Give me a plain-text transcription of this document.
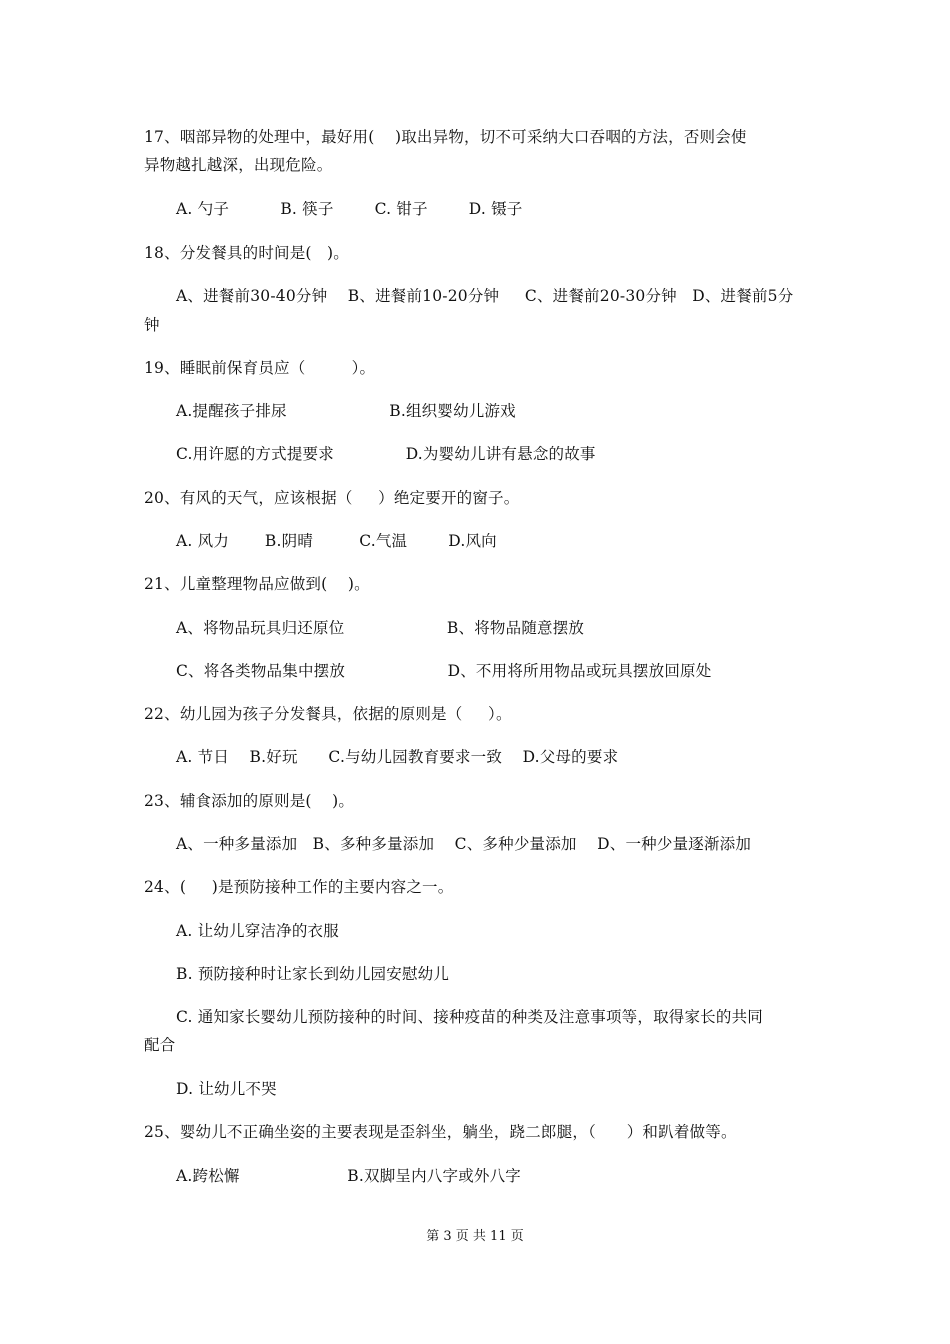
17、咽部异物的处理中，最好用(    )取出异物，切不可采纳大口吞咽的方法，否则会使
异物越扎越深，出现危险。
A. 勺子          B. 筷子        C. 钳子        D. 镊子
18、分发餐具的时间是(   )。
A、进餐前30-40分钟    B、进餐前10-20分钟     C、进餐前20-30分钟   D、进餐前5分
钟
19、睡眠前保育员应（         ）。
A.提醒孩子排尿                    B.组织婴幼儿游戏
C.用许愿的方式提要求              D.为婴幼儿讲有悬念的故事
20、有风的天气，应该根据（     ）绝定要开的窗子。
A. 风力       B.阴晴         C.气温        D.风向
21、儿童整理物品应做到(    )。
A、将物品玩具归还原位                    B、将物品随意摆放
C、将各类物品集中摆放                    D、不用将所用物品或玩具摆放回原处
22、幼儿园为孩子分发餐具，依据的原则是（     ）。
A. 节日    B.好玩      C.与幼儿园教育要求一致    D.父母的要求
23、辅食添加的原则是(    )。
A、一种多量添加   B、多种多量添加    C、多种少量添加    D、一种少量逐渐添加
24、(     )是预防接种工作的主要内容之一。
A. 让幼儿穿洁净的衣服
B. 预防接种时让家长到幼儿园安慰幼儿
C. 通知家长婴幼儿预防接种的时间、接种疫苗的种类及注意事项等，取得家长的共同
配合
D. 让幼儿不哭
25、婴幼儿不正确坐姿的主要表现是歪斜坐，躺坐，跷二郎腿，（      ）和趴着做等。
A.跨松懈                     B.双脚呈内八字或外八字
第 3 页 共 11 页
